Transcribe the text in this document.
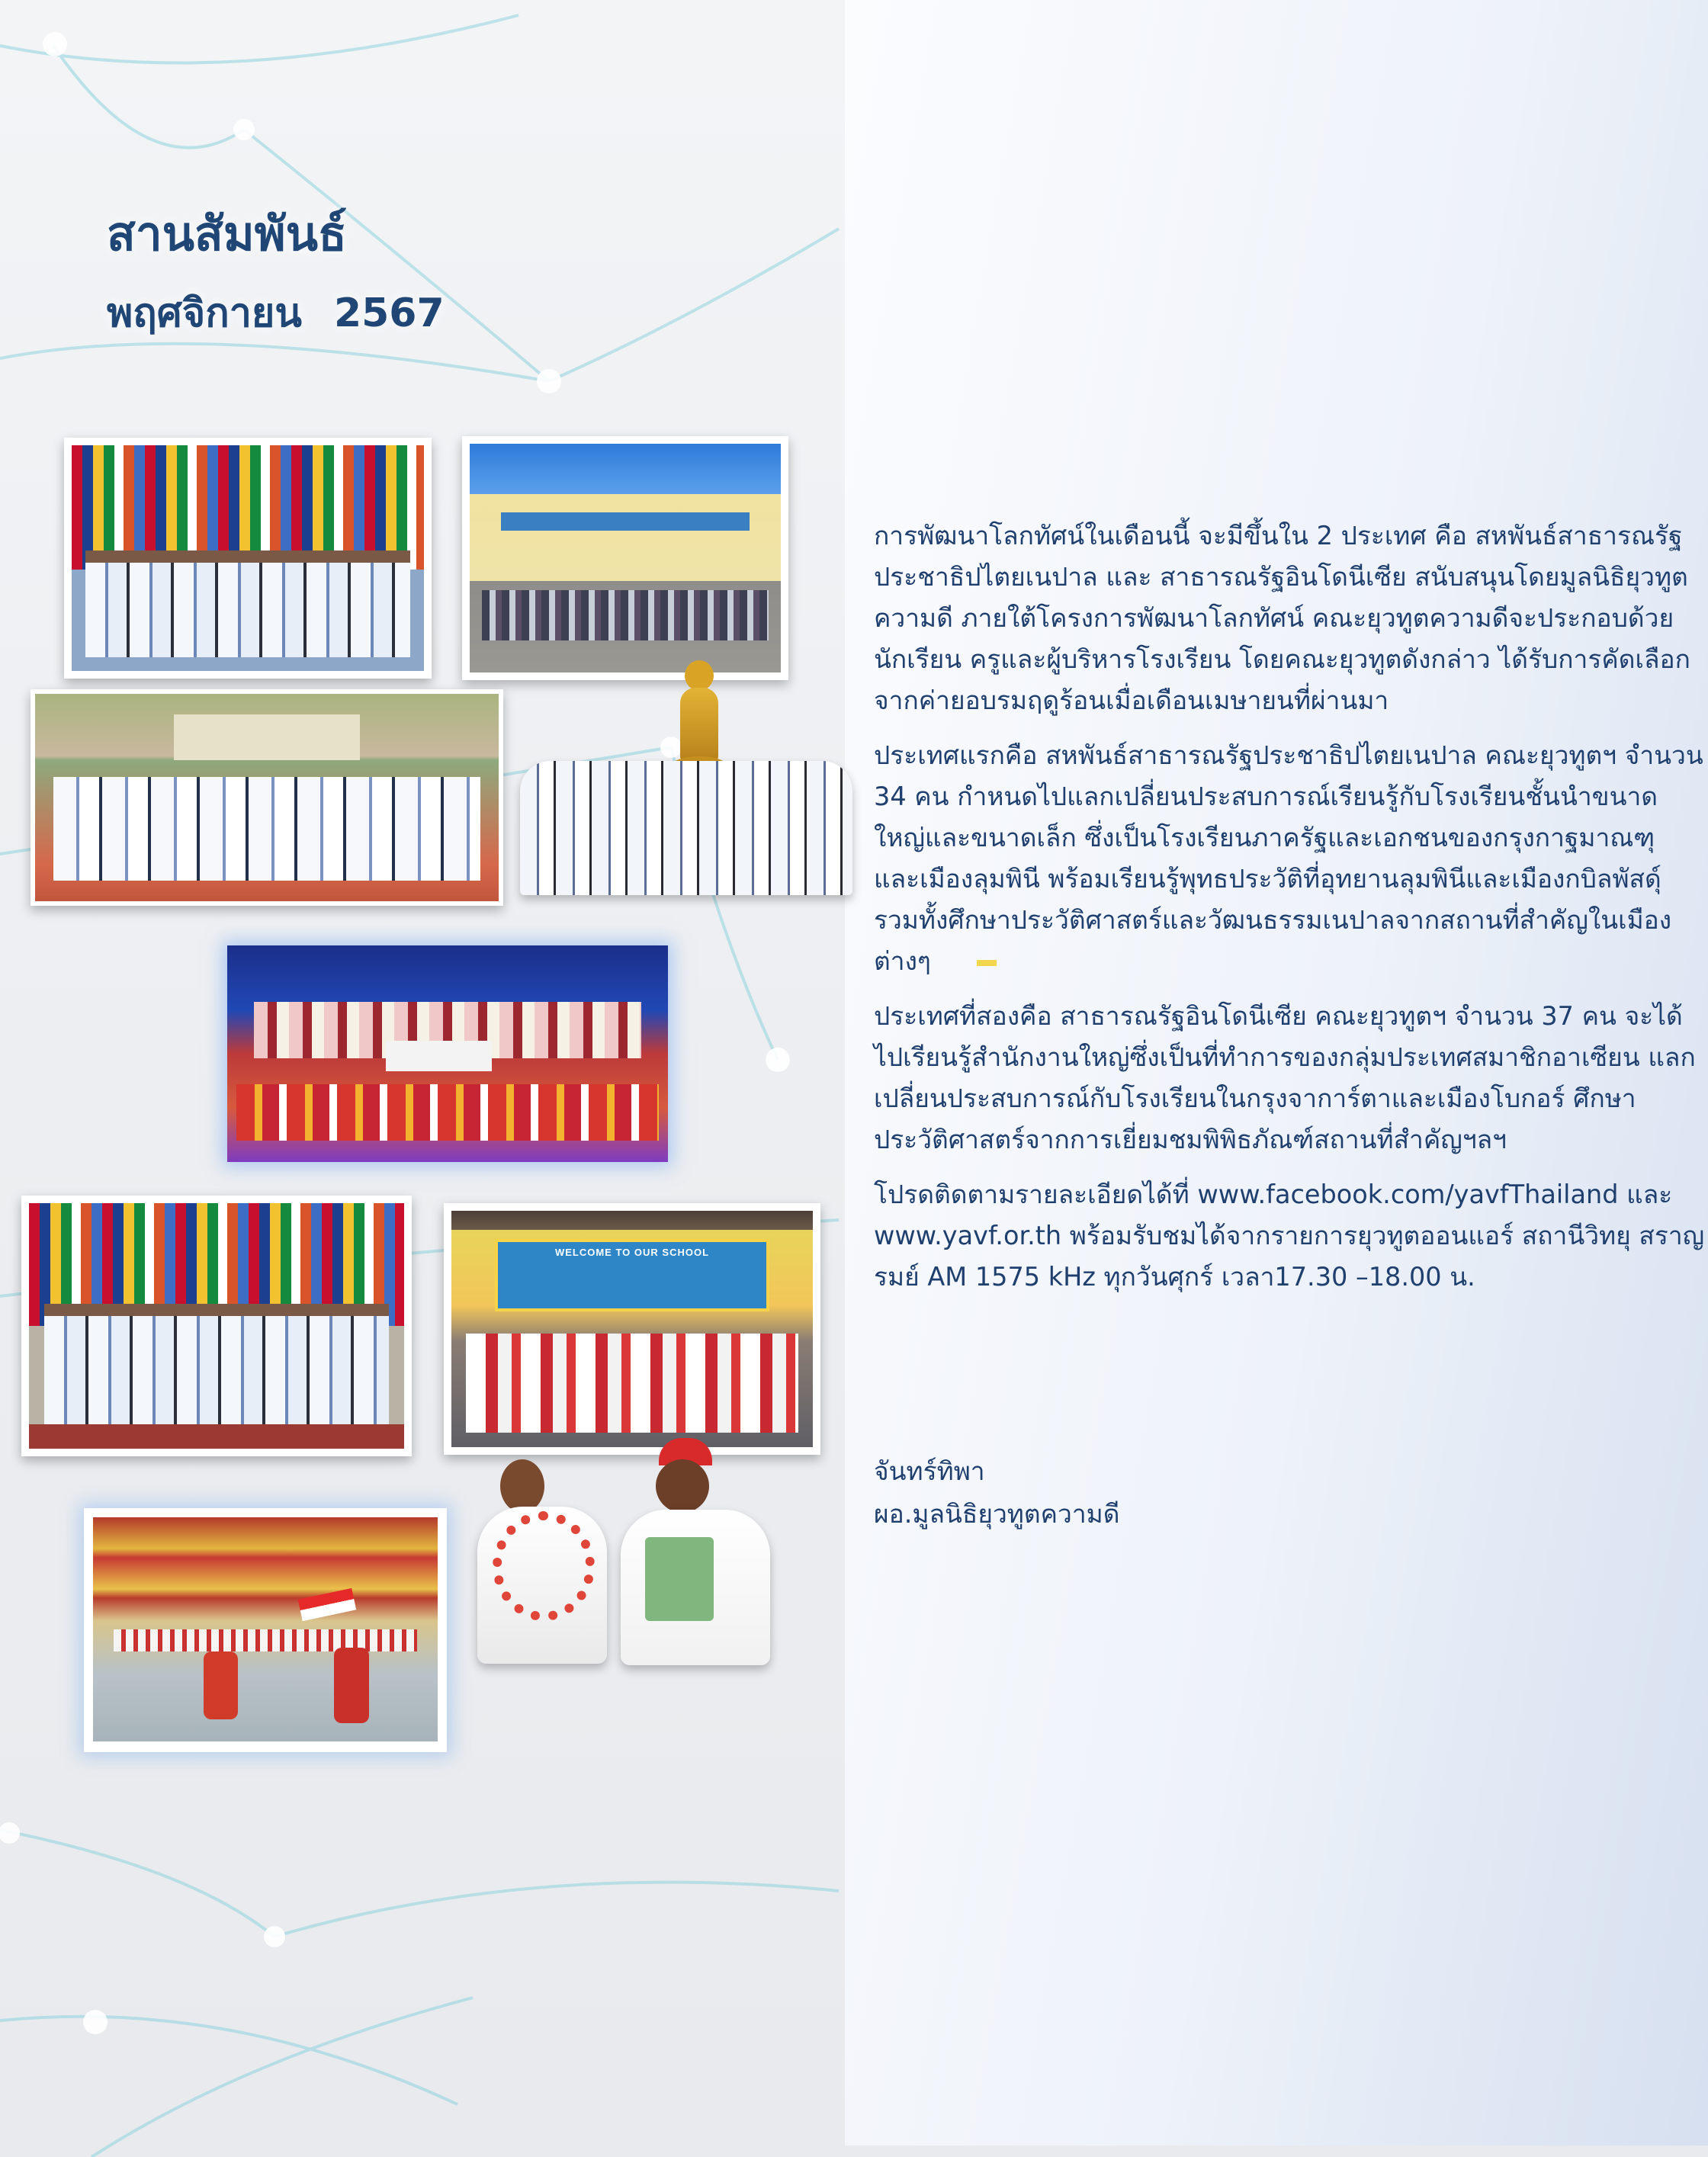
สานสัมพันธ์
พฤศจิกายน 2567
WELCOME TO OUR SCHOOL

การพัฒนาโลกทัศน์ในเดือนนี้ จะมีขึ้นใน 2 ประเทศ คือ สหพันธ์สาธารณรัฐประชาธิปไตยเนปาล และ สาธารณรัฐอินโดนีเซีย สนับสนุนโดยมูลนิธิยุวทูตความดี ภายใต้โครงการพัฒนาโลกทัศน์ คณะยุวทูตความดีจะประกอบด้วย นักเรียน ครูและผู้บริหารโรงเรียน โดยคณะยุวทูตดังกล่าว ได้รับการคัดเลือกจากค่ายอบรมฤดูร้อนเมื่อเดือนเมษายนที่ผ่านมา

ประเทศแรกคือ สหพันธ์สาธารณรัฐประชาธิปไตยเนปาล คณะยุวทูตฯ จำนวน 34 คน กำหนดไปแลกเปลี่ยนประสบการณ์เรียนรู้กับโรงเรียนชั้นนำขนาดใหญ่และขนาดเล็ก ซึ่งเป็นโรงเรียนภาครัฐและเอกชนของกรุงกาฐมาณฑุ และเมืองลุมพินี พร้อมเรียนรู้พุทธประวัติที่อุทยานลุมพินีและเมืองกบิลพัสดุ์ รวมทั้งศึกษาประวัติศาสตร์และวัฒนธรรมเนปาลจากสถานที่สำคัญในเมืองต่างๆ

ประเทศที่สองคือ สาธารณรัฐอินโดนีเซีย คณะยุวทูตฯ จำนวน 37 คน จะได้ไปเรียนรู้สำนักงานใหญ่ซึ่งเป็นที่ทำการของกลุ่มประเทศสมาชิกอาเซียน แลกเปลี่ยนประสบการณ์กับโรงเรียนในกรุงจาการ์ตาและเมืองโบกอร์ ศึกษาประวัติศาสตร์จากการเยี่ยมชมพิพิธภัณฑ์สถานที่สำคัญฯลฯ

โปรดติดตามรายละเอียดได้ที่ www.facebook.com/yavfThailand และ www.yavf.or.th พร้อมรับชมได้จากรายการยุวทูตออนแอร์ สถานีวิทยุ สราญรมย์ AM 1575 kHz ทุกวันศุกร์ เวลา17.30 –18.00 น.

จันทร์ทิพา
ผอ.มูลนิธิยุวทูตความดี
